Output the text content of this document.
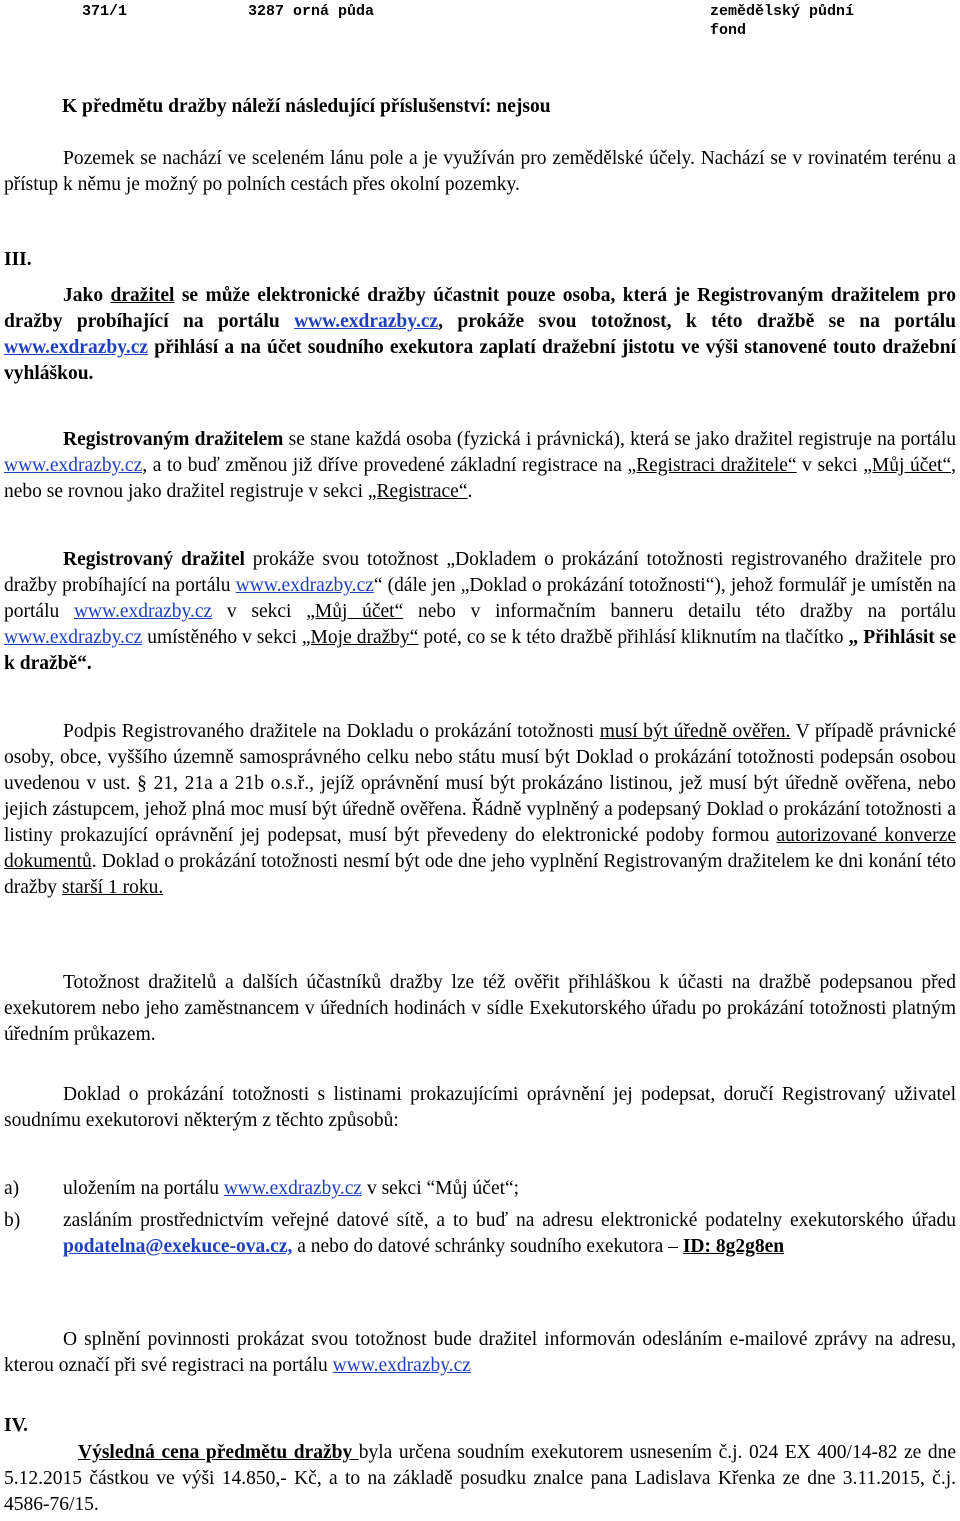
371/1	3287 orná půda	zemědělský půdní
fond
K předmětu dražby náleží následující příslušenství: nejsou

Pozemek se nachází ve sceleném lánu pole a je využíván pro zemědělské účely. Nachází se v rovinatém terénu a přístup k němu je možný po polních cestách přes okolní pozemky.

III.

Jako dražitel se může elektronické dražby účastnit pouze osoba, která je Registrovaným dražitelem pro dražby probíhající na portálu www.exdrazby.cz, prokáže svou totožnost, k této dražbě se na portálu www.exdrazby.cz přihlásí a na účet soudního exekutora zaplatí dražební jistotu ve výši stanovené touto dražební vyhláškou.

Registrovaným dražitelem se stane každá osoba (fyzická i právnická), která se jako dražitel registruje na portálu www.exdrazby.cz, a to buď změnou již dříve provedené základní registrace na „Registraci dražitele“ v sekci „Můj účet“, nebo se rovnou jako dražitel registruje v sekci „Registrace“.

Registrovaný dražitel prokáže svou totožnost „Dokladem o prokázání totožnosti registrovaného dražitele pro dražby probíhající na portálu www.exdrazby.cz“ (dále jen „Doklad o prokázání totožnosti“), jehož formulář je umístěn na portálu www.exdrazby.cz v sekci „Můj účet“ nebo v informačním banneru detailu této dražby na portálu www.exdrazby.cz umístěného v sekci „Moje dražby“ poté, co se k této dražbě přihlásí kliknutím na tlačítko „ Přihlásit se k dražbě“.

Podpis Registrovaného dražitele na Dokladu o prokázání totožnosti musí být úředně ověřen. V případě právnické osoby, obce, vyššího územně samosprávného celku nebo státu musí být Doklad o prokázání totožnosti podepsán osobou uvedenou v ust. § 21, 21a a 21b o.s.ř., jejíž oprávnění musí být prokázáno listinou, jež musí být úředně ověřena, nebo jejich zástupcem, jehož plná moc musí být úředně ověřena. Řádně vyplněný a podepsaný Doklad o prokázání totožnosti a listiny prokazující oprávnění jej podepsat, musí být převedeny do elektronické podoby formou autorizované konverze dokumentů. Doklad o prokázání totožnosti nesmí být ode dne jeho vyplnění Registrovaným dražitelem ke dni konání této dražby starší 1 roku.

Totožnost dražitelů a dalších účastníků dražby lze též ověřit přihláškou k účasti na dražbě podepsanou před exekutorem nebo jeho zaměstnancem v úředních hodinách v sídle Exekutorského úřadu po prokázání totožnosti platným úředním průkazem.

Doklad o prokázání totožnosti s listinami prokazujícími oprávnění jej podepsat, doručí Registrovaný uživatel soudnímu exekutorovi některým z těchto způsobů:

a) uložením na portálu www.exdrazby.cz v sekci “Můj účet“;
b) zasláním prostřednictvím veřejné datové sítě, a to buď na adresu elektronické podatelny exekutorského úřadu podatelna@exekuce-ova.cz, a nebo do datové schránky soudního exekutora – ID: 8g2g8en

O splnění povinnosti prokázat svou totožnost bude dražitel informován odesláním e-mailové zprávy na adresu, kterou označí při své registraci na portálu www.exdrazby.cz

IV.

Výsledná cena předmětu dražby byla určena soudním exekutorem usnesením č.j. 024 EX 400/14-82 ze dne 5.12.2015 částkou ve výši 14.850,- Kč, a to na základě posudku znalce pana Ladislava Křenka ze dne 3.11.2015, č.j. 4586-76/15.
